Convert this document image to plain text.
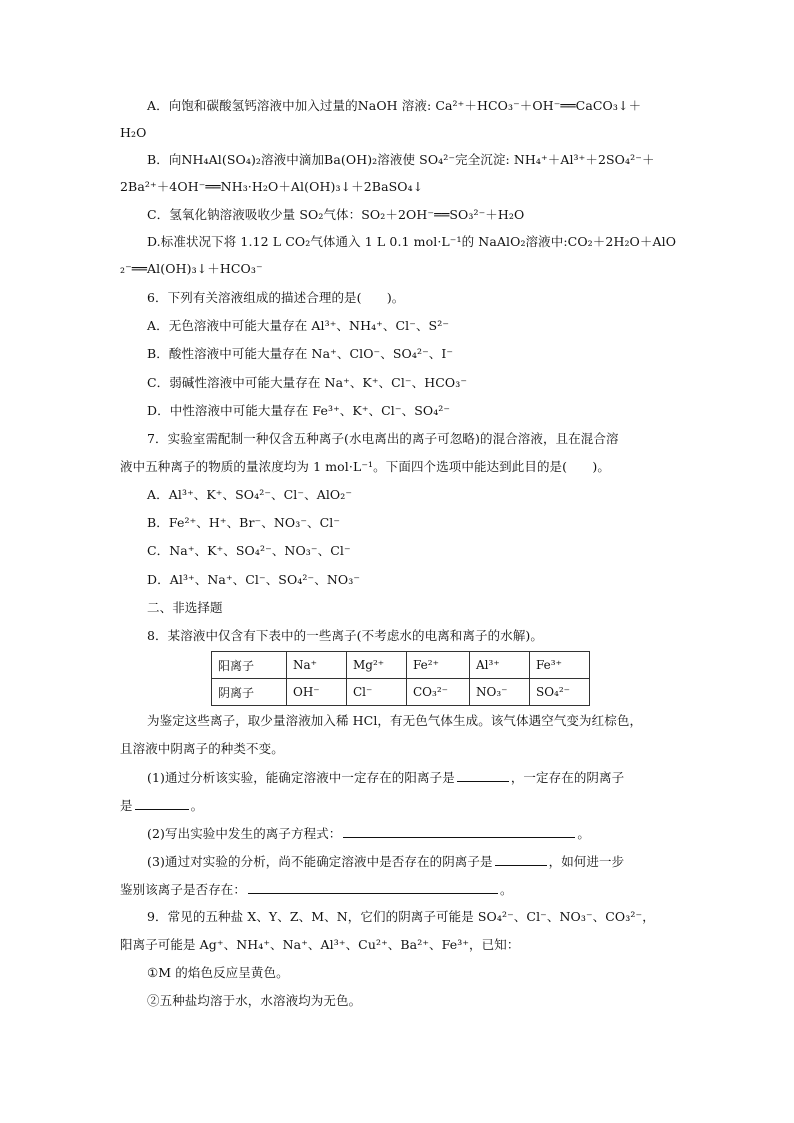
A．向饱和碳酸氢钙溶液中加入过量的NaOH 溶液: Ca²⁺＋HCO₃⁻＋OH⁻══CaCO₃↓＋
H₂O
B．向NH₄Al(SO₄)₂溶液中滴加Ba(OH)₂溶液使 SO₄²⁻完全沉淀: NH₄⁺＋Al³⁺＋2SO₄²⁻＋
2Ba²⁺＋4OH⁻══NH₃·H₂O＋Al(OH)₃↓＋2BaSO₄↓
C．氢氧化钠溶液吸收少量 SO₂气体：SO₂＋2OH⁻══SO₃²⁻＋H₂O
D.标准状况下将 1.12 L CO₂气体通入 1 L 0.1 mol·L⁻¹的 NaAlO₂溶液中:CO₂＋2H₂O＋AlO
₂⁻══Al(OH)₃↓＋HCO₃⁻
6．下列有关溶液组成的描述合理的是(　　)。
A．无色溶液中可能大量存在 Al³⁺、NH₄⁺、Cl⁻、S²⁻
B．酸性溶液中可能大量存在 Na⁺、ClO⁻、SO₄²⁻、I⁻
C．弱碱性溶液中可能大量存在 Na⁺、K⁺、Cl⁻、HCO₃⁻
D．中性溶液中可能大量存在 Fe³⁺、K⁺、Cl⁻、SO₄²⁻
7．实验室需配制一种仅含五种离子(水电离出的离子可忽略)的混合溶液，且在混合溶
液中五种离子的物质的量浓度均为 1 mol·L⁻¹。下面四个选项中能达到此目的是(　　)。
A．Al³⁺、K⁺、SO₄²⁻、Cl⁻、AlO₂⁻
B．Fe²⁺、H⁺、Br⁻、NO₃⁻、Cl⁻
C．Na⁺、K⁺、SO₄²⁻、NO₃⁻、Cl⁻
D．Al³⁺、Na⁺、Cl⁻、SO₄²⁻、NO₃⁻
二、非选择题
8．某溶液中仅含有下表中的一些离子(不考虑水的电离和离子的水解)。
阳离子	Na⁺	Mg²⁺	Fe²⁺	Al³⁺	Fe³⁺
阴离子	OH⁻	Cl⁻	CO₃²⁻	NO₃⁻	SO₄²⁻
为鉴定这些离子，取少量溶液加入稀 HCl，有无色气体生成。该气体遇空气变为红棕色，
且溶液中阴离子的种类不变。
(1)通过分析该实验，能确定溶液中一定存在的阳离子是	，一定存在的阴离子
是	。
(2)写出实验中发生的离子方程式：	。
(3)通过对实验的分析，尚不能确定溶液中是否存在的阴离子是	，如何进一步
鉴别该离子是否存在：	。
9．常见的五种盐 X、Y、Z、M、N，它们的阴离子可能是 SO₄²⁻、Cl⁻、NO₃⁻、CO₃²⁻，
阳离子可能是 Ag⁺、NH₄⁺、Na⁺、Al³⁺、Cu²⁺、Ba²⁺、Fe³⁺，已知：
①M 的焰色反应呈黄色。
②五种盐均溶于水，水溶液均为无色。
